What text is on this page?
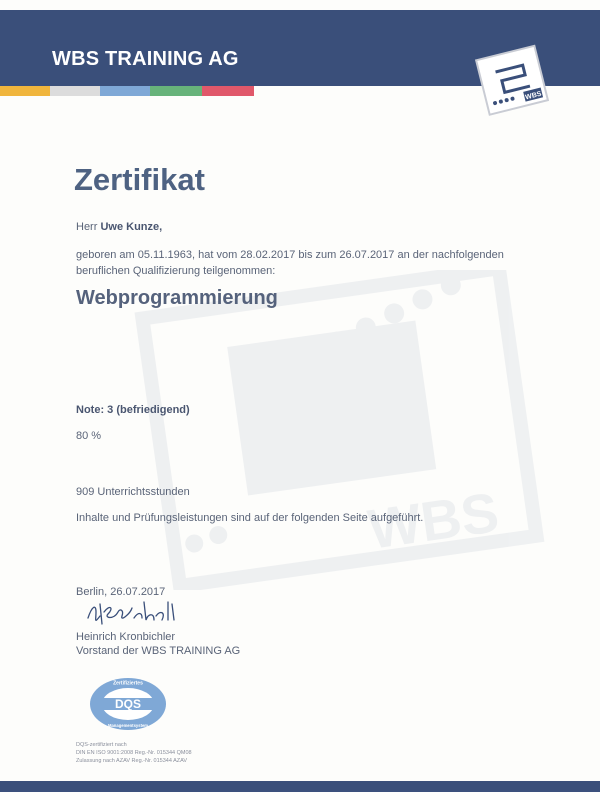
WBS TRAINING AG
WBS
WBS
Zertifikat
Herr Uwe Kunze,
geboren am 05.11.1963, hat vom 28.02.2017 bis zum 26.07.2017 an der nachfolgenden beruflichen Qualifizierung teilgenommen:
Webprogrammierung
Note: 3 (befriedigend)
80 %
909 Unterrichtsstunden
Inhalte und Prüfungsleistungen sind auf der folgenden Seite aufgeführt.
Berlin, 26.07.2017
Heinrich Kronbichler
Vorstand der WBS TRAINING AG
Zertifiziertes
DQS
Managementsystem
DQS-zertifiziert nach
DIN EN ISO 9001:2008 Reg.-Nr. 015344 QM08
Zulassung nach AZAV Reg.-Nr. 015344 AZAV
